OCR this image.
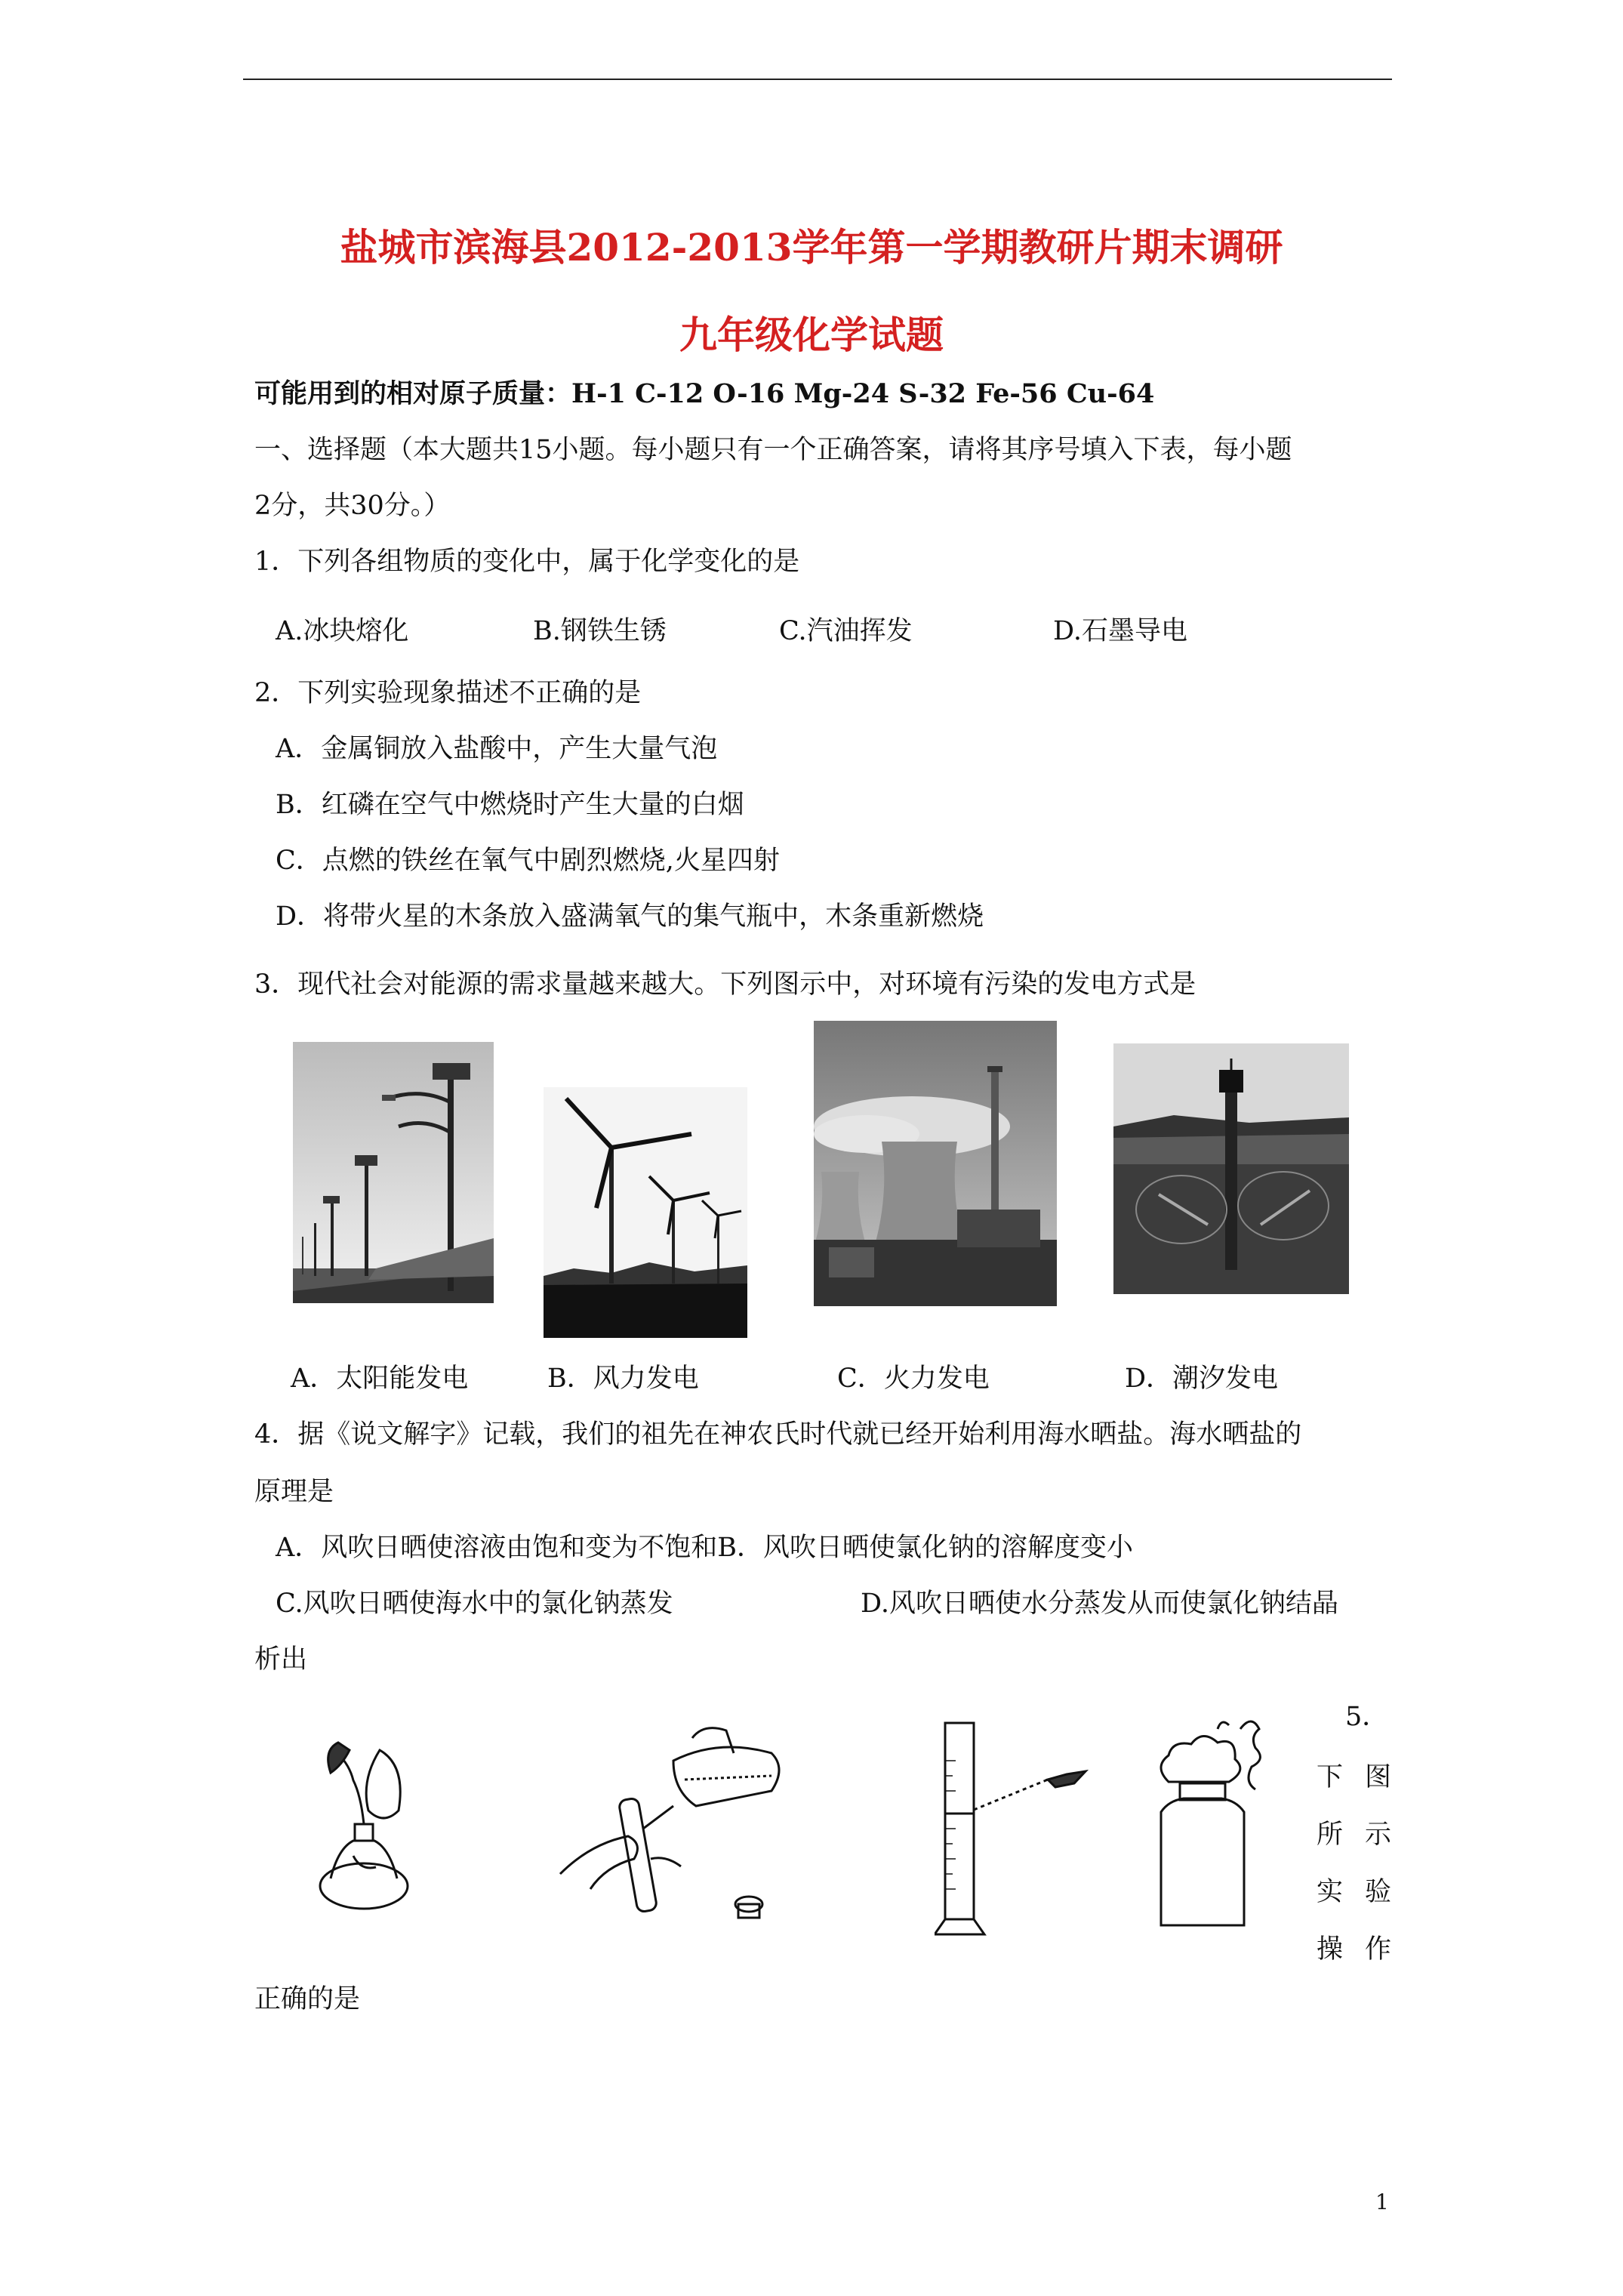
盐城市滨海县2012-2013学年第一学期教研片期末调研
九年级化学试题
可能用到的相对原子质量：H-1 C-12 O-16 Mg-24 S-32 Fe-56 Cu-64
一、选择题（本大题共15小题。每小题只有一个正确答案，请将其序号填入下表，每小题
2分，共30分。）
1．下列各组物质的变化中，属于化学变化的是
A.冰块熔化	B.钢铁生锈	C.汽油挥发	D.石墨导电
2．下列实验现象描述不正确的是
A．金属铜放入盐酸中，产生大量气泡
B．红磷在空气中燃烧时产生大量的白烟
C．点燃的铁丝在氧气中剧烈燃烧,火星四射
D．将带火星的木条放入盛满氧气的集气瓶中，木条重新燃烧
3．现代社会对能源的需求量越来越大。下列图示中，对环境有污染的发电方式是
A．太阳能发电	B．风力发电	C．火力发电	D．潮汐发电
4．据《说文解字》记载，我们的祖先在神农氏时代就已经开始利用海水晒盐。海水晒盐的
原理是
A．风吹日晒使溶液由饱和变为不饱和B．风吹日晒使氯化钠的溶解度变小
C.风吹日晒使海水中的氯化钠蒸发	D.风吹日晒使水分蒸发从而使氯化钠结晶
析出
5．
下 图
所 示
实 验
操 作
正确的是
1
